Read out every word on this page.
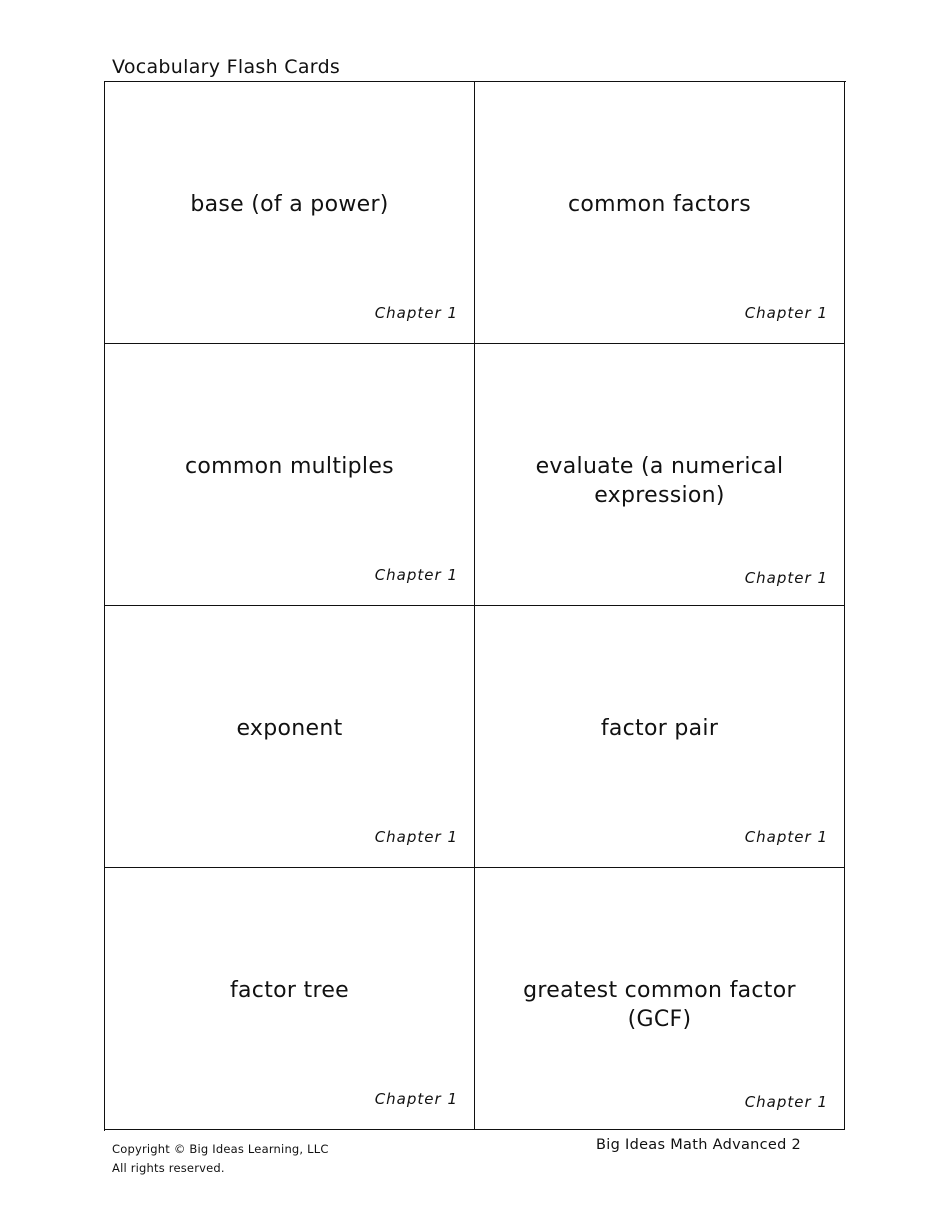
Vocabulary Flash Cards
base (of a power)
Chapter 1
common factors
Chapter 1
common multiples
Chapter 1
evaluate (a numerical expression)
Chapter 1
exponent
Chapter 1
factor pair
Chapter 1
factor tree
Chapter 1
greatest common factor (GCF)
Chapter 1
Copyright © Big Ideas Learning, LLC
All rights reserved.
Big Ideas Math Advanced 2
